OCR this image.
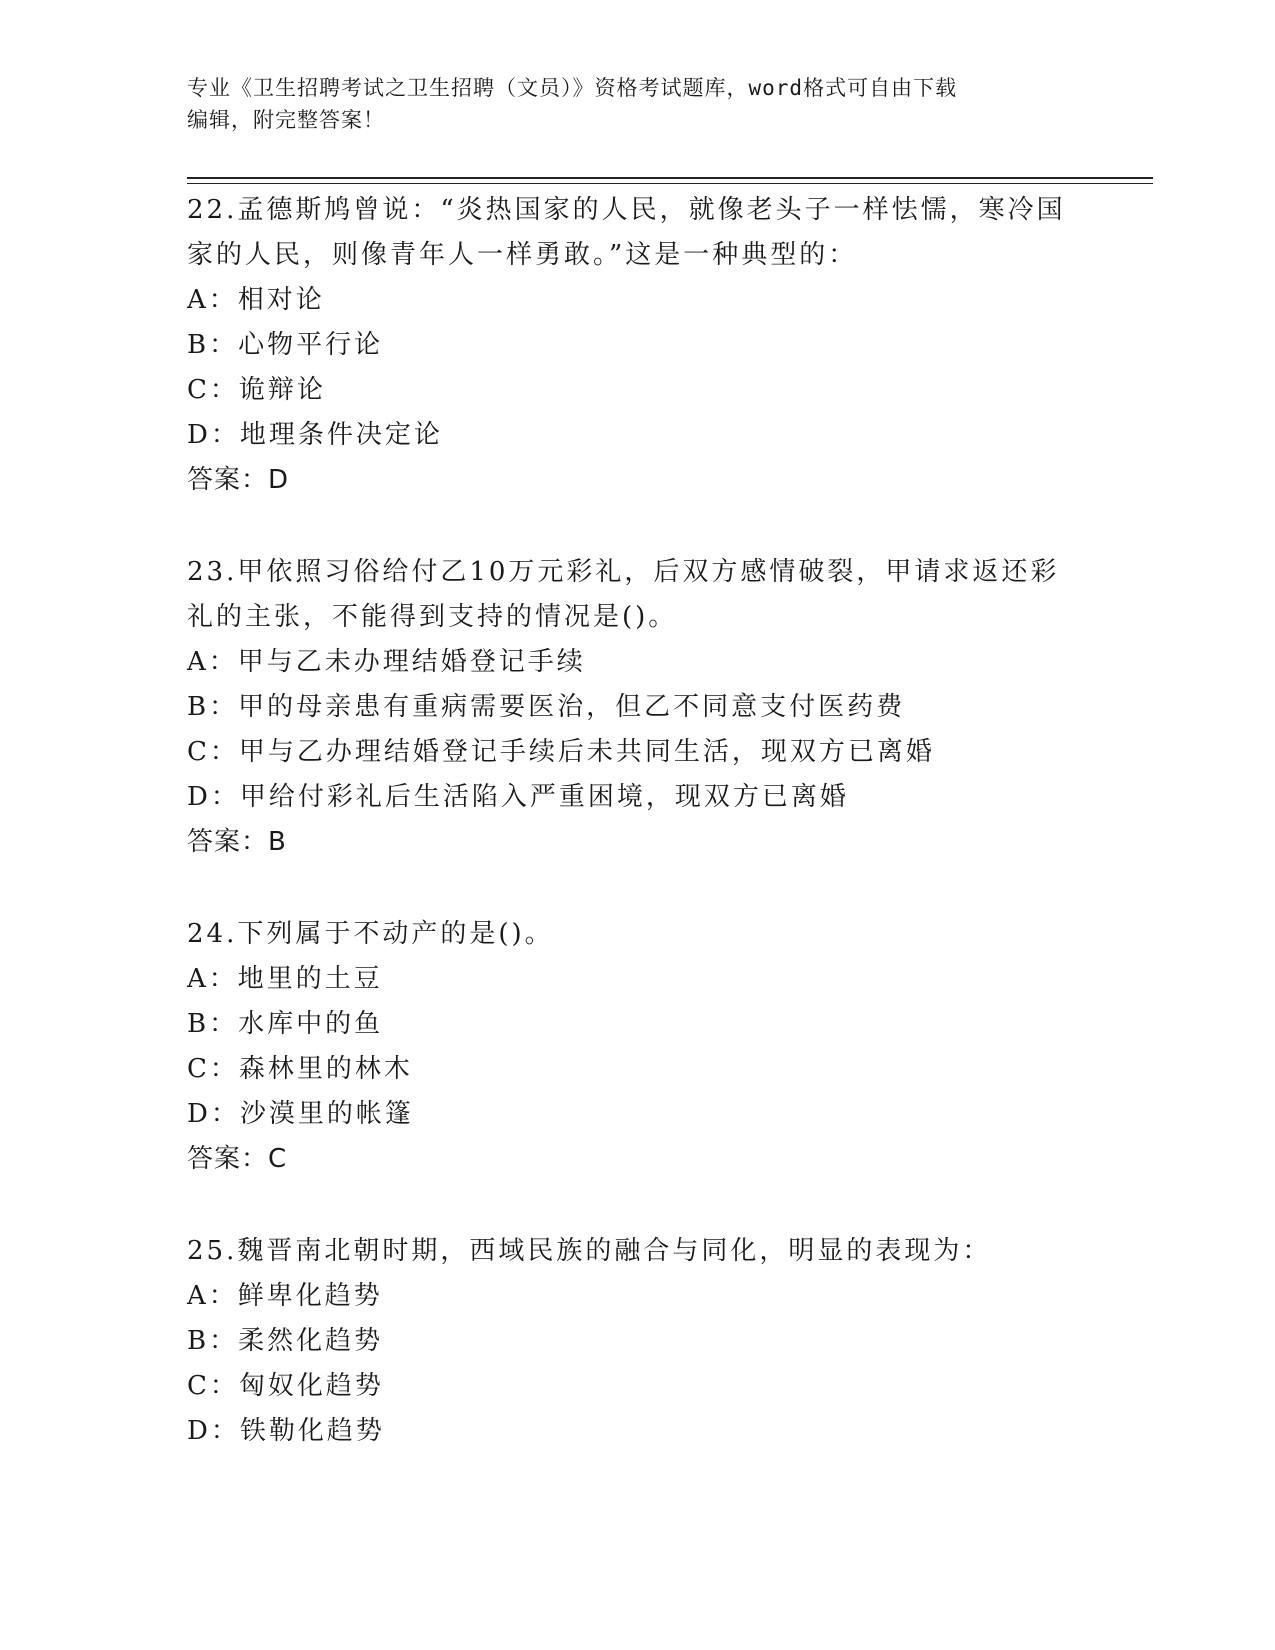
专业《卫生招聘考试之卫生招聘（文员）》资格考试题库，word格式可自由下载
编辑，附完整答案！
22.孟德斯鸠曾说：“炎热国家的人民，就像老头子一样怯懦，寒冷国
家的人民，则像青年人一样勇敢。”这是一种典型的：
A：相对论
B：心物平行论
C：诡辩论
D：地理条件决定论
答案：D
23.甲依照习俗给付乙10万元彩礼，后双方感情破裂，甲请求返还彩
礼的主张，不能得到支持的情况是()。
A：甲与乙未办理结婚登记手续
B：甲的母亲患有重病需要医治，但乙不同意支付医药费
C：甲与乙办理结婚登记手续后未共同生活，现双方已离婚
D：甲给付彩礼后生活陷入严重困境，现双方已离婚
答案：B
24.下列属于不动产的是()。
A：地里的土豆
B：水库中的鱼
C：森林里的林木
D：沙漠里的帐篷
答案：C
25.魏晋南北朝时期，西域民族的融合与同化，明显的表现为：
A：鲜卑化趋势
B：柔然化趋势
C：匈奴化趋势
D：铁勒化趋势
